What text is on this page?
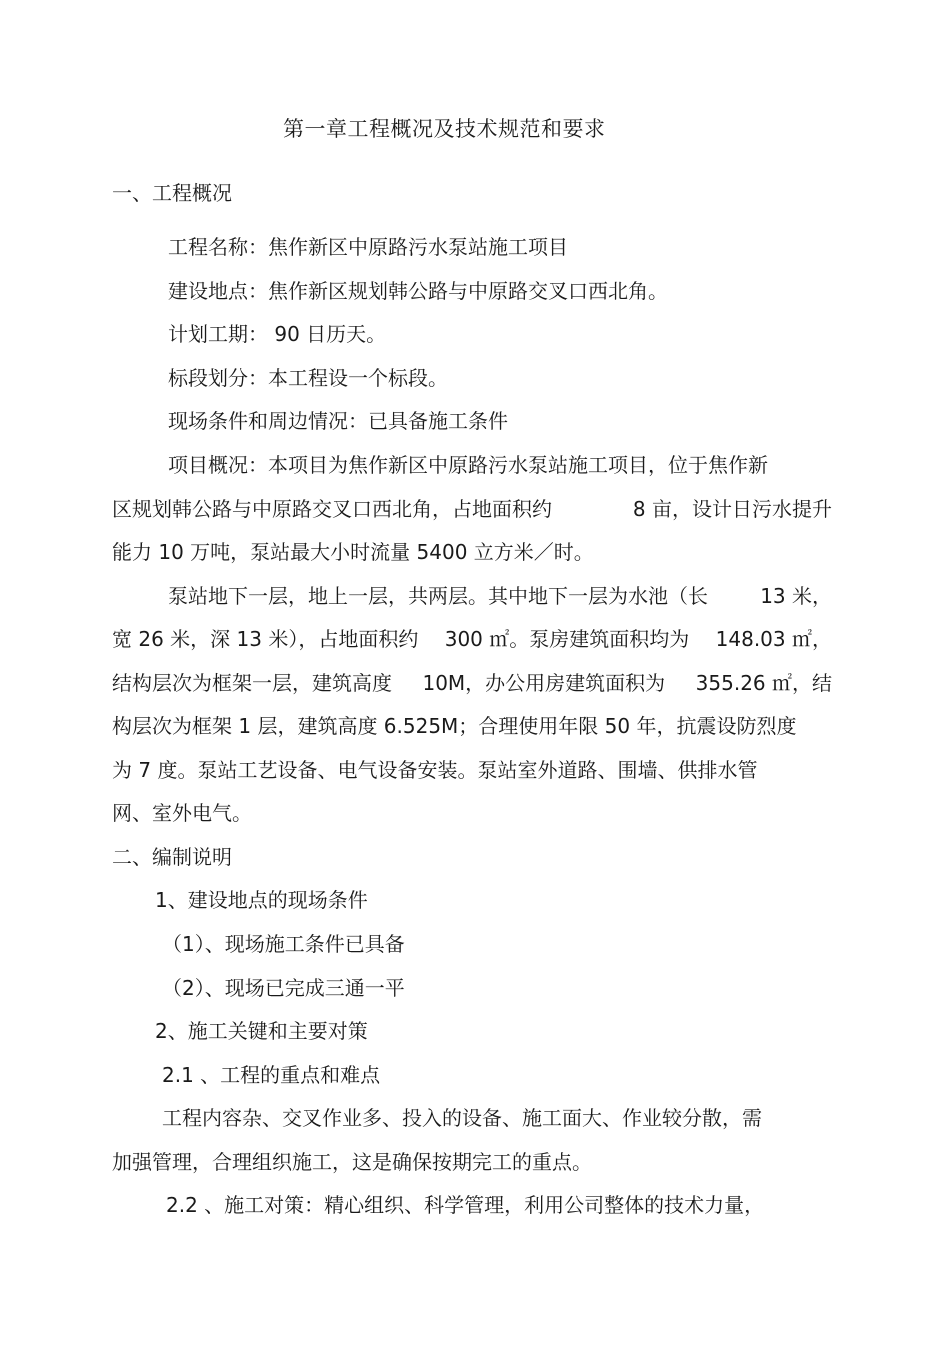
第一章工程概况及技术规范和要求
一、工程概况
工程名称：焦作新区中原路污水泵站施工项目
建设地点：焦作新区规划韩公路与中原路交叉口西北角。
计划工期： 90 日历天。
标段划分：本工程设一个标段。
现场条件和周边情况：已具备施工条件
项目概况：本项目为焦作新区中原路污水泵站施工项目，位于焦作新
区规划韩公路与中原路交叉口西北角，占地面积约	8 亩，设计日污水提升
能力 10 万吨，泵站最大小时流量 5400 立方米／时。
泵站地下一层，地上一层，共两层。其中地下一层为水池（长	13 米，
宽 26 米，深 13 米），占地面积约 300 ㎡。泵房建筑面积均为 148.03 ㎡，
结构层次为框架一层，建筑高度 10M，办公用房建筑面积为 355.26 ㎡，结
构层次为框架 1 层，建筑高度 6.525M；合理使用年限 50 年，抗震设防烈度
为 7 度。泵站工艺设备、电气设备安装。泵站室外道路、围墙、供排水管
网、室外电气。
二、编制说明
1、建设地点的现场条件
（1）、现场施工条件已具备
（2）、现场已完成三通一平
2、施工关键和主要对策
2.1 、工程的重点和难点
工程内容杂、交叉作业多、投入的设备、施工面大、作业较分散，需
加强管理，合理组织施工，这是确保按期完工的重点。
2.2 、施工对策：精心组织、科学管理，利用公司整体的技术力量，
